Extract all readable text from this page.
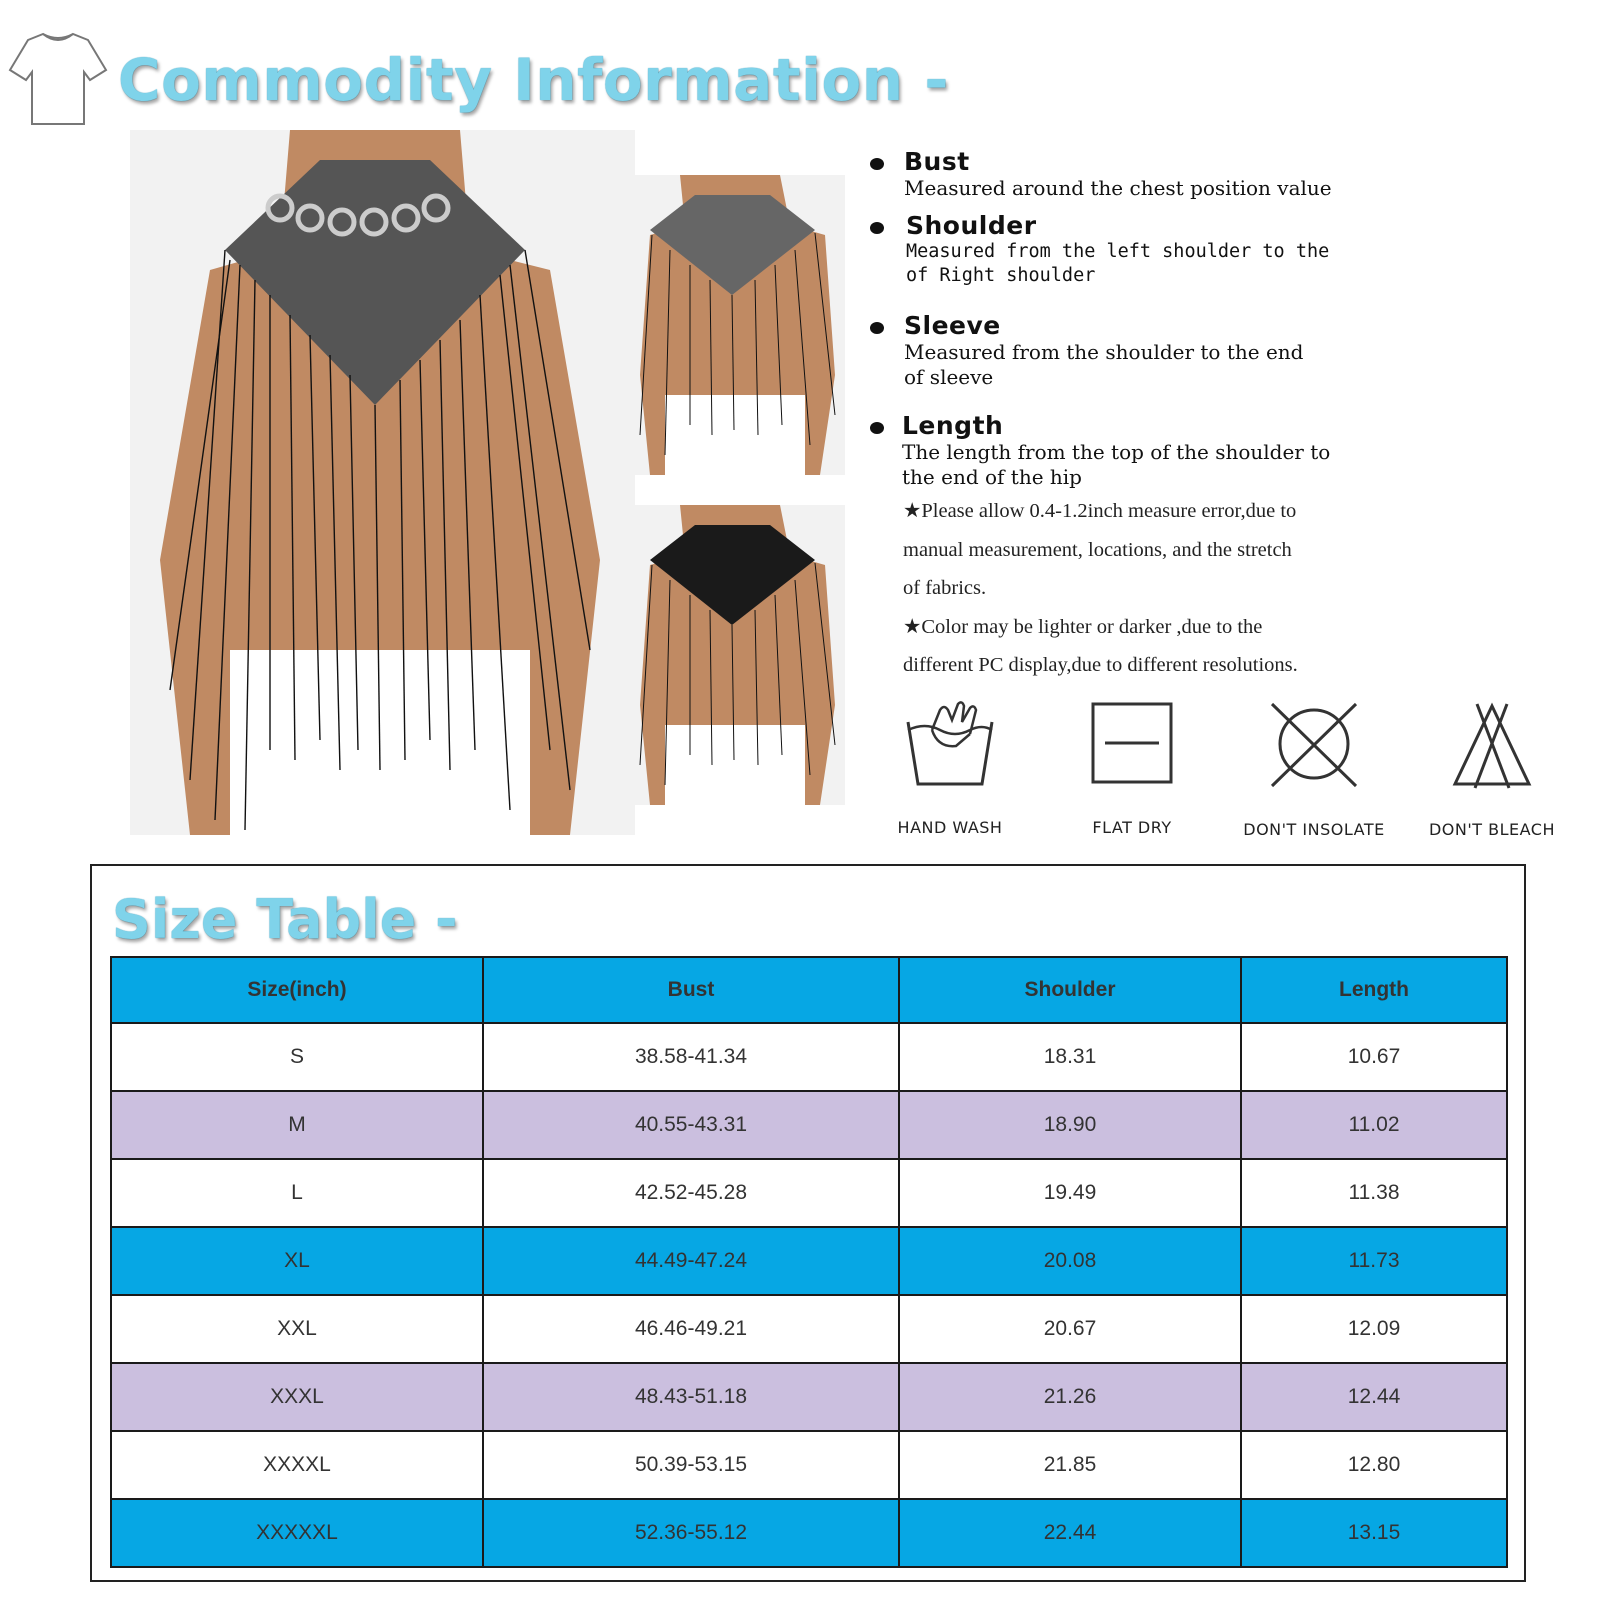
Commodity Information -
Bust
Measured around the chest position value
Shoulder
Measured from the left shoulder to the
of Right shoulder
Sleeve
Measured from the shoulder to the end
of sleeve
Length
The length from the top of the shoulder to
the end of the hip

★Please allow 0.4-1.2inch measure error,due to

manual measurement, locations, and the stretch

of fabrics.

★Color may be lighter or darker ,due to the

different PC display,due to different resolutions.

HAND WASH	FLAT DRY	DON'T INSOLATE	DON'T BLEACH
Size Table -
Size(inch)	Bust	Shoulder	Length
S	38.58-41.34	18.31	10.67
M	40.55-43.31	18.90	11.02
L	42.52-45.28	19.49	11.38
XL	44.49-47.24	20.08	11.73
XXL	46.46-49.21	20.67	12.09
XXXL	48.43-51.18	21.26	12.44
XXXXL	50.39-53.15	21.85	12.80
XXXXXL	52.36-55.12	22.44	13.15
